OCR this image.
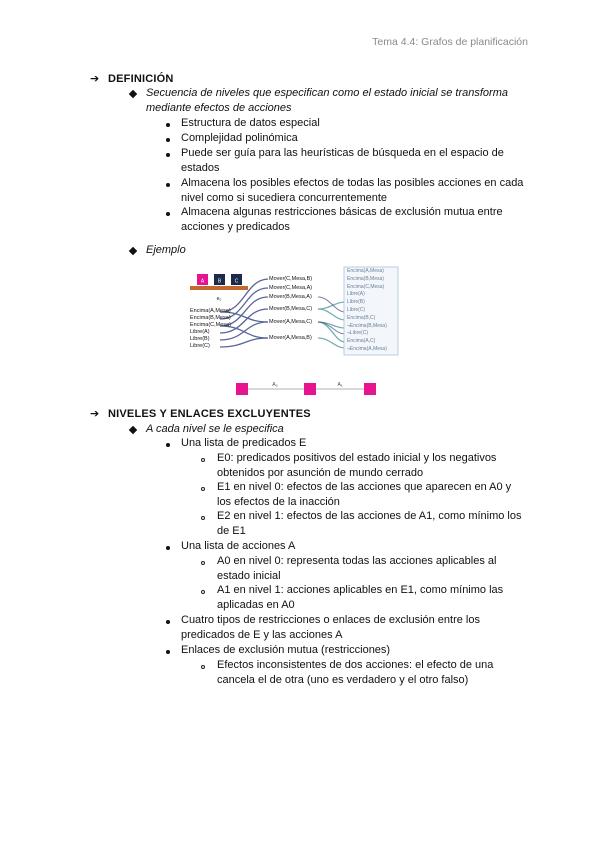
Tema 4.4: Grafos de planificación
➔ DEFINICIÓN
Secuencia de niveles que especifican como el estado inicial se transforma
mediante efectos de acciones
Estructura de datos especial
Complejidad polinómica
Puede ser guía para las heurísticas de búsqueda en el espacio de
estados
Almacena los posibles efectos de todas las posibles acciones en cada
nivel como si sucediera concurrentemente
Almacena algunas restricciones básicas de exclusión mutua entre
acciones y predicados
Ejemplo
A	B	C
e₀
Encima(A,Mesa)
Encima(B,Mesa)
Encima(C,Mesa)
Libre(A)
Libre(B)
Libre(C)
Mover(C,Mesa,B)
Mover(C,Mesa,A)
Mover(B,Mesa,A)
Mover(B,Mesa,C)
Mover(A,Mesa,C)
Mover(A,Mesa,B)
Encima(A,Mesa)
Encima(B,Mesa)
Encima(C,Mesa)
Libre(A)
Libre(B)
Libre(C)
Encima(B,C)
¬Encima(B,Mesa)
¬Libre(C)
Encima(A,C)
¬Encima(A,Mesa)
A₀	A₁
➔ NIVELES Y ENLACES EXCLUYENTES
A cada nivel se le especifica
Una lista de predicados E
E0: predicados positivos del estado inicial y los negativos
obtenidos por asunción de mundo cerrado
E1 en nivel 0: efectos de las acciones que aparecen en A0 y
los efectos de la inacción
E2 en nivel 1: efectos de las acciones de A1, como mínimo los
de E1
Una lista de acciones A
A0 en nivel 0: representa todas las acciones aplicables al
estado inicial
A1 en nivel 1: acciones aplicables en E1, como mínimo las
aplicadas en A0
Cuatro tipos de restricciones o enlaces de exclusión entre los
predicados de E y las acciones A
Enlaces de exclusión mutua (restricciones)
Efectos inconsistentes de dos acciones: el efecto de una
cancela el de otra (uno es verdadero y el otro falso)
